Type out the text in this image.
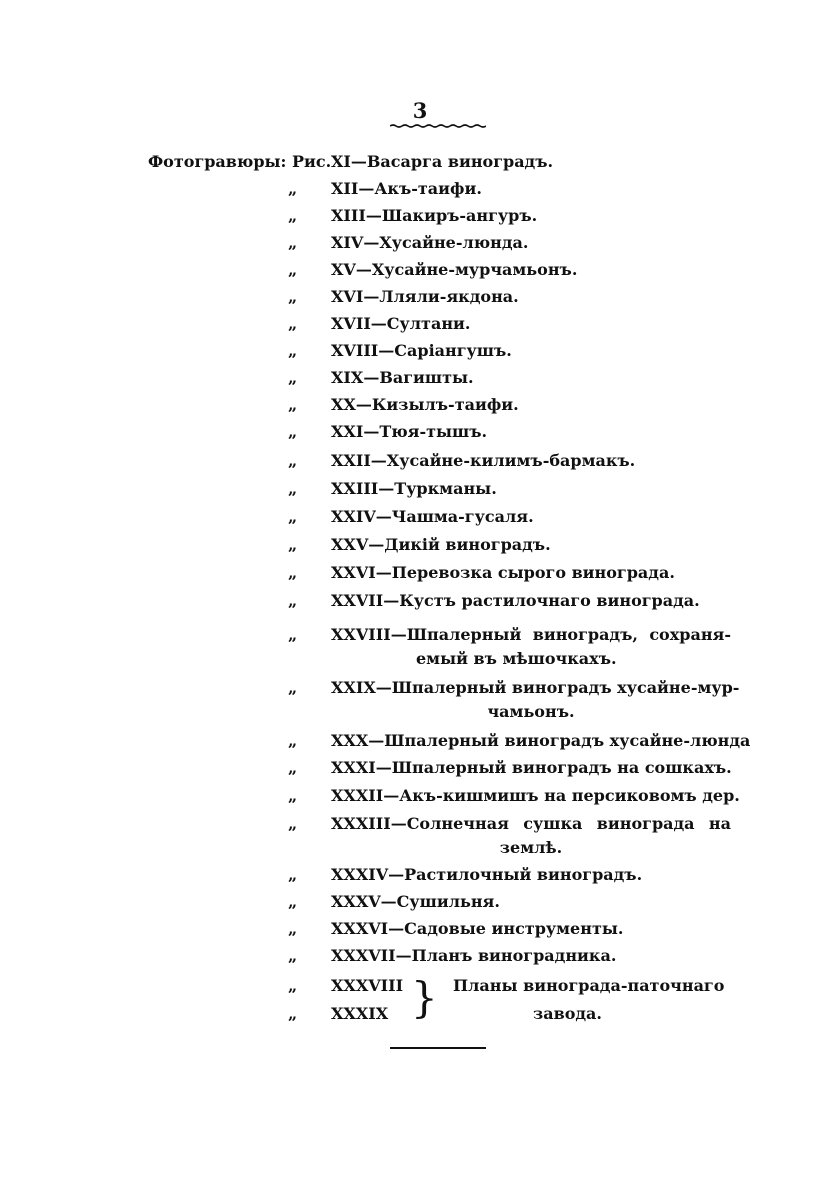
3
Фотогравюры: Рис. XI—Васарга виноградъ.
„	XII—Акъ-таифи.
„	XIII—Шакиръ-ангуръ.
„	XIV—Хусайне-люнда.
„	XV—Хусайне-мурчамьонъ.
„	XVI—Лляли-якдона.
„	XVII—Султани.
„	XVIII—Сарiангушъ.
„	XIX—Вагишты.
„	XX—Кизылъ-таифи.
„	XXI—Тюя-тышъ.
„	XXII—Хусайне-килимъ-бармакъ.
„	XXIII—Туркманы.
„	XXIV—Чашма-гусаля.
„	XXV—Дикiй виноградъ.
„	XXVI—Перевозка сырого винограда.
„	XXVII—Кустъ растилочнаго винограда.
„	XXVIII—Шпалерный виноградъ, сохраня-
емый въ мѣшочкахъ.
„	XXIX—Шпалерный виноградъ хусайне-мур-
чамьонъ.
„	XXX—Шпалерный виноградъ хусайне-люнда
„	XXXI—Шпалерный виноградъ на сошкахъ.
„	XXXII—Акъ-кишмишъ на персиковомъ дер.
„	XXXIII—Солнечная сушка винограда на
землѣ.
„	XXXIV—Растилочный виноградъ.
„	XXXV—Сушильня.
„	XXXVI—Садовые инструменты.
„	XXXVII—Планъ виноградника.
„	XXXVIII
„	XXXIX } Планы винограда-паточнаго
завода.
